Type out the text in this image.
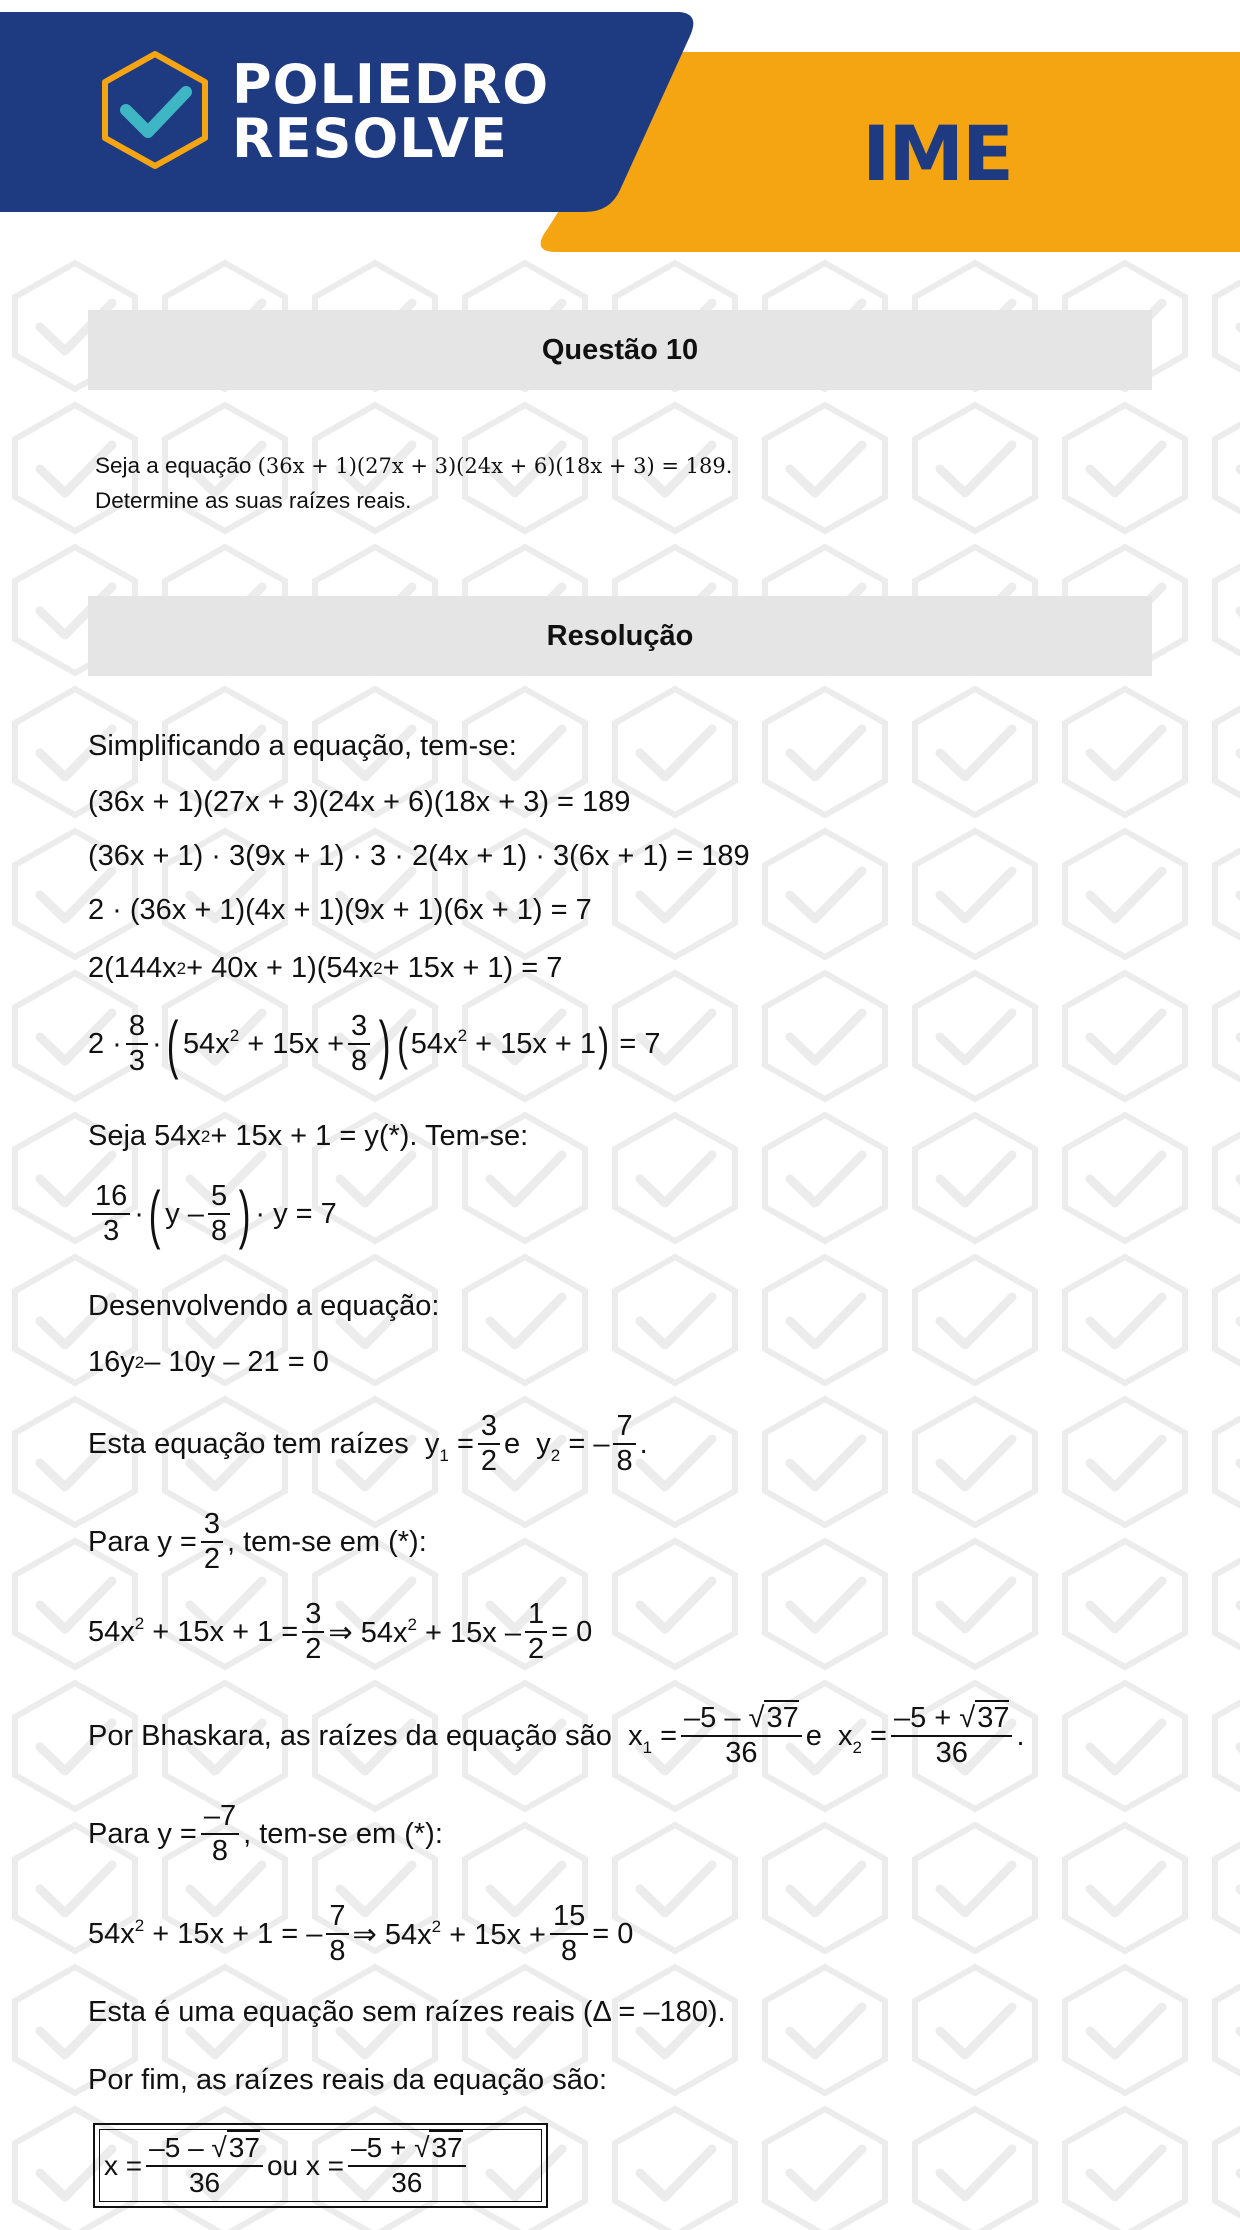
POLIEDRO
RESOLVE	IME
Questão 10
Seja a equação (36x + 1)(27x + 3)(24x + 6)(18x + 3) = 189.
Determine as suas raízes reais.
Resolução
Simplificando a equação, tem-se:
(36x + 1)(27x + 3)(24x + 6)(18x + 3) = 189
(36x + 1) · 3(9x + 1) · 3 · 2(4x + 1) · 3(6x + 1) = 189
2 · (36x + 1)(4x + 1)(9x + 1)(6x + 1) = 7
2(144x 2 + 40x + 1)(54x 2 + 15x + 1) = 7
$2 \cdot \frac{8}{3}$ · ( $54x^2 + 15x + \frac{3}{8}$ ) ( $54x^2 + 15x + 1$ ) = 7
Seja
54x 2 + 15x + 1 = y(*). Tem-se:
$\frac{16}{3}$ · ( y – $\frac{5}{8}$ ) · y = 7
Desenvolvendo a equação:
16y 2 – 10y – 21 = 0
Esta equação tem raízes
$y_1 = \frac{3}{2}$ e
$y_2$ = – $\frac{7}{8}$ .
Para $y = \frac{3}{2}$ , tem-se em (*):
$54x^2 + 15x + 1 = \frac{3}{2}$ ⇒ $54x^2 + 15x - \frac{1}{2} = 0$
Por Bhaskara, as raízes da equação são
$x_1 = \frac{-5 - √37}{36}$ e
$x_2 = \frac{-5 + √37}{36}$ .
Para $y = \frac{-7}{8}$ , tem-se em (*):
$54x^2 + 15x + 1$ = – $\frac{7}{8}$ ⇒ $54x^2 + 15x + \frac{15}{8} = 0$
Esta é uma equação sem raízes reais
(Δ = –180).
Por fim, as raízes reais da equação são:
$x = \frac{-5 - √37}{36}$ ou
$x = \frac{-5 + √37}{36}$
